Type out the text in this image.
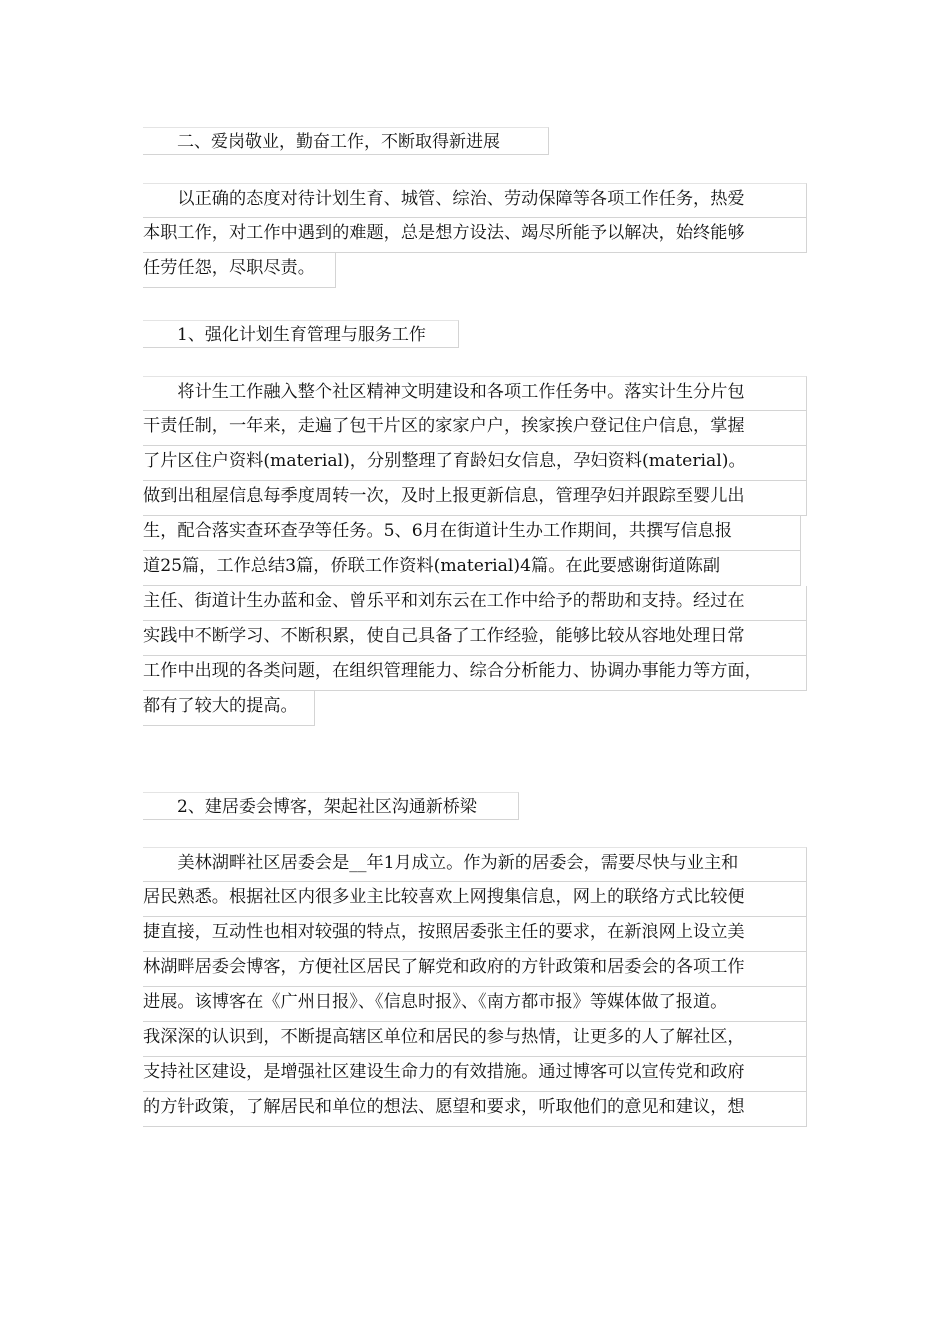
　　二、爱岗敬业，勤奋工作，不断取得新进展
　　以正确的态度对待计划生育、城管、综治、劳动保障等各项工作任务，热爱
本职工作，对工作中遇到的难题，总是想方设法、竭尽所能予以解决，始终能够
任劳任怨，尽职尽责。
　　1、强化计划生育管理与服务工作
　　将计生工作融入整个社区精神文明建设和各项工作任务中。落实计生分片包
干责任制，一年来，走遍了包干片区的家家户户，挨家挨户登记住户信息，掌握
了片区住户资料(material)，分别整理了育龄妇女信息，孕妇资料(material)。
做到出租屋信息每季度周转一次，及时上报更新信息，管理孕妇并跟踪至婴儿出
生，配合落实查环查孕等任务。5、6月在街道计生办工作期间，共撰写信息报
道25篇，工作总结3篇，侨联工作资料(material)4篇。在此要感谢街道陈副
主任、街道计生办蓝和金、曾乐平和刘东云在工作中给予的帮助和支持。经过在
实践中不断学习、不断积累，使自己具备了工作经验，能够比较从容地处理日常
工作中出现的各类问题，在组织管理能力、综合分析能力、协调办事能力等方面，
都有了较大的提高。
　　2、建居委会博客，架起社区沟通新桥梁
　　美林湖畔社区居委会是__年1月成立。作为新的居委会，需要尽快与业主和
居民熟悉。根据社区内很多业主比较喜欢上网搜集信息，网上的联络方式比较便
捷直接，互动性也相对较强的特点，按照居委张主任的要求，在新浪网上设立美
林湖畔居委会博客，方便社区居民了解党和政府的方针政策和居委会的各项工作
进展。该博客在《广州日报》、《信息时报》、《南方都市报》等媒体做了报道。
我深深的认识到，不断提高辖区单位和居民的参与热情，让更多的人了解社区，
支持社区建设，是增强社区建设生命力的有效措施。通过博客可以宣传党和政府
的方针政策，了解居民和单位的想法、愿望和要求，听取他们的意见和建议，想
